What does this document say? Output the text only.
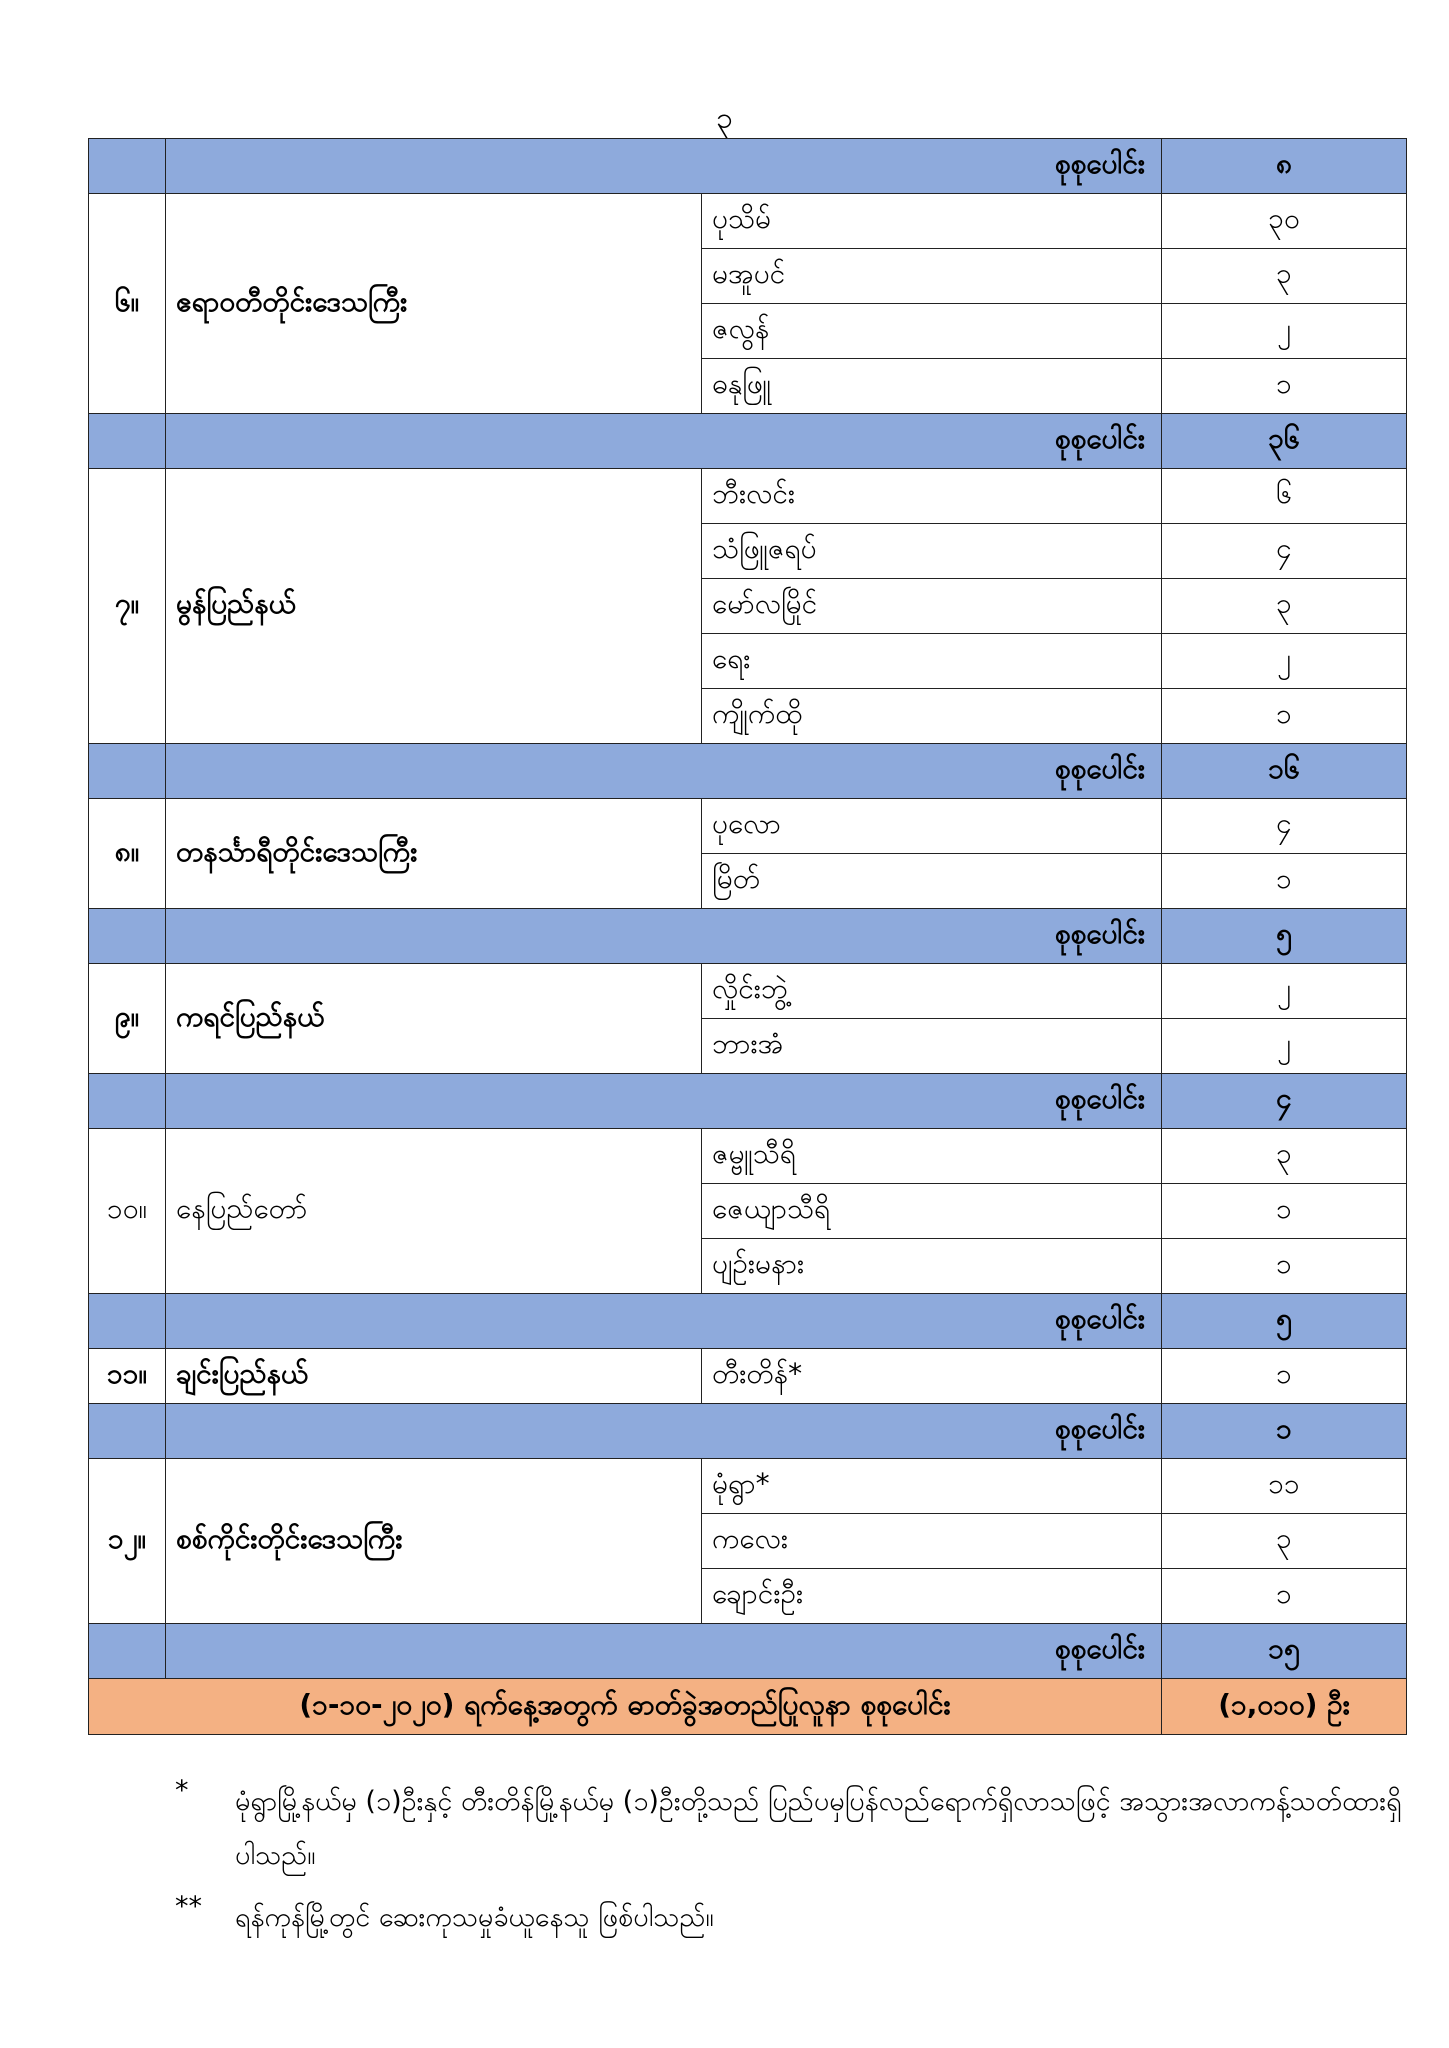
၃
	စုစုပေါင်း		၈
၆။	ဧရာဝတီတိုင်းဒေသကြီး	ပုသိမ်	၃၀
		မအူပင်	၃
		ဇလွန်	၂
		ဓနုဖြူ	၁
	စုစုပေါင်း		၃၆
၇။	မွန်ပြည်နယ်	ဘီးလင်း	၆
		သံဖြူဇရပ်	၄
		မော်လမြိုင်	၃
		ရေး	၂
		ကျိုက်ထို	၁
	စုစုပေါင်း		၁၆
၈။	တနင်္သာရီတိုင်းဒေသကြီး	ပုလော	၄
		မြိတ်	၁
	စုစုပေါင်း		၅
၉။	ကရင်ပြည်နယ်	လှိုင်းဘွဲ့	၂
		ဘားအံ	၂
	စုစုပေါင်း		၄
၁၀။	နေပြည်တော်	ဇမ္ဗူသီရိ	၃
		ဇေယျာသီရိ	၁
		ပျဉ်းမနား	၁
	စုစုပေါင်း		၅
၁၁။	ချင်းပြည်နယ်	တီးတိန်*	၁
	စုစုပေါင်း		၁
၁၂။	စစ်ကိုင်းတိုင်းဒေသကြီး	မုံရွာ*	၁၁
		ကလေး	၃
		ချောင်းဦး	၁
	စုစုပေါင်း		၁၅
(၁-၁၀-၂၀၂၀) ရက်နေ့အတွက် ဓာတ်ခွဲအတည်ပြုလူနာ စုစုပေါင်း			(၁,၀၁၀) ဦး
*	မုံရွာမြို့နယ်မှ (၁)ဦးနှင့် တီးတိန်မြို့နယ်မှ (၁)ဦးတို့သည် ပြည်ပမှပြန်လည်ရောက်ရှိလာသဖြင့် အသွားအလာကန့်သတ်ထားရှိပါသည်။
**	ရန်ကုန်မြို့တွင် ဆေးကုသမှုခံယူနေသူ ဖြစ်ပါသည်။
